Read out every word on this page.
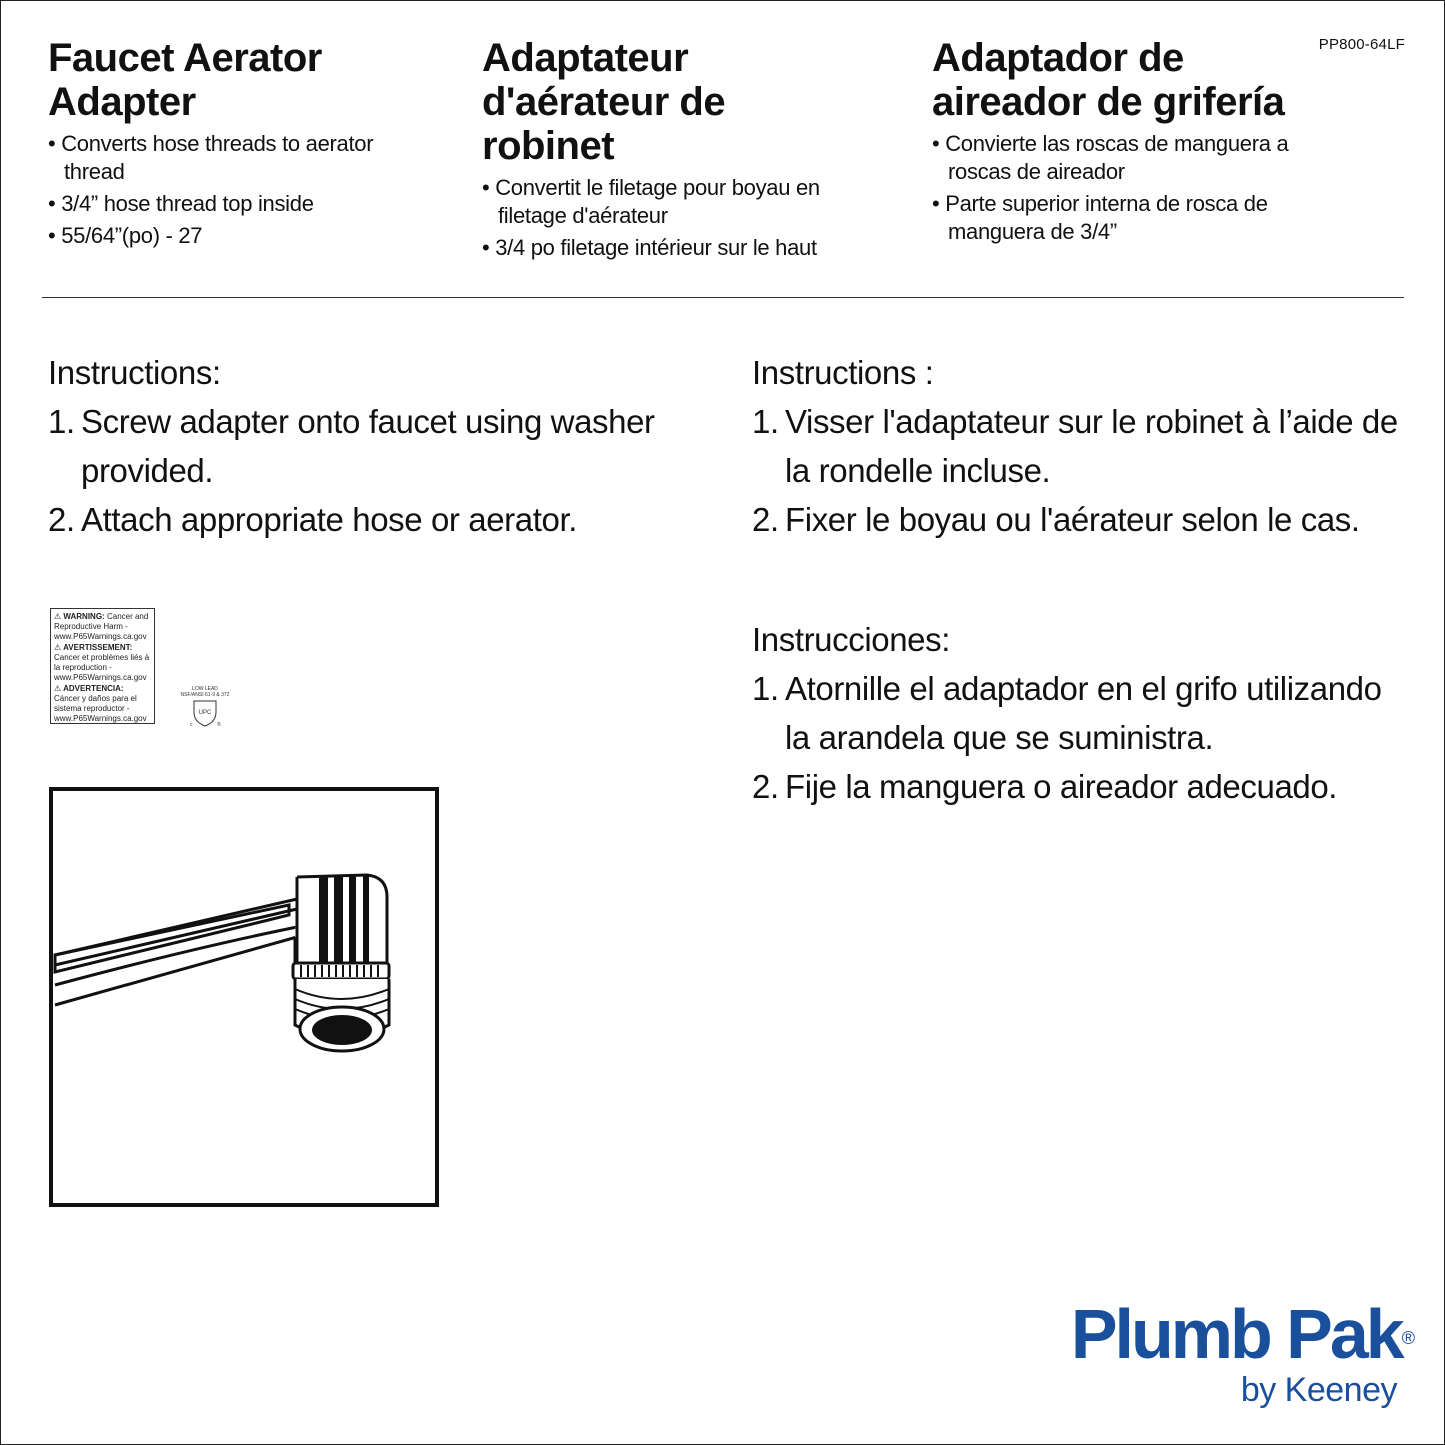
Faucet Aerator Adapter
• Converts hose threads to aerator thread
• 3/4” hose thread top inside
• 55/64”(po) - 27
Adaptateur d'aérateur de robinet
• Convertit le filetage pour boyau en filetage d'aérateur
• 3/4 po filetage intérieur sur le haut
Adaptador de aireador de grifería
• Convierte las roscas de manguera a roscas de aireador
• Parte superior interna de rosca de manguera de 3/4”
PP800-64LF

Instructions:

1. Screw adapter onto faucet using washer provided.
2. Attach appropriate hose or aerator.

Instructions :

1. Visser l'adaptateur sur le robinet à l’aide de la rondelle incluse.
2. Fixer le boyau ou l'aérateur selon le cas.

Instrucciones:

1. Atornille el adaptador en el grifo utilizando la arandela que se suministra.
2. Fije la manguera o aireador adecuado.
⚠ WARNING: Cancer and Reproductive Harm - www.P65Warnings.ca.gov
⚠ AVERTISSEMENT: Cancer et problèmes liés à la reproduction - www.P65Warnings.ca.gov
⚠ ADVERTENCIA: Cáncer y daños para el sistema reproductor - www.P65Warnings.ca.gov
LOW LEAD
NSF/ANSI 61-9 & 372
UPC
c	®
Plumb Pak®
by Keeney
